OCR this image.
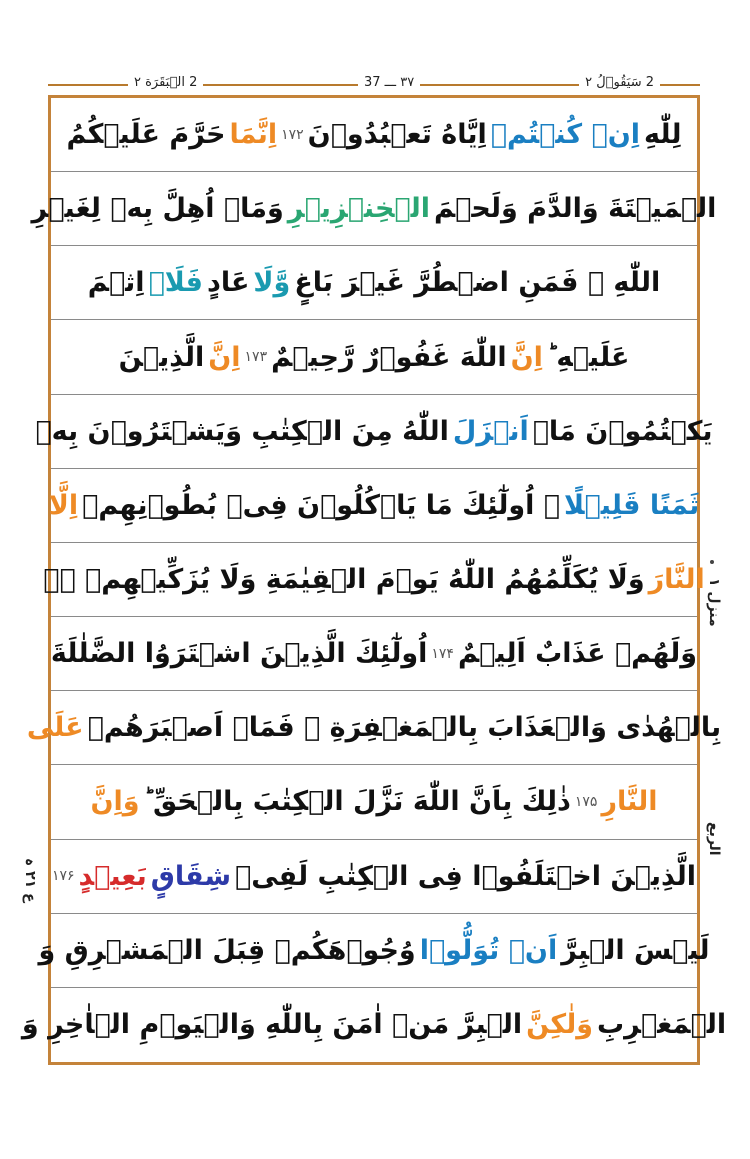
2 الۡبَقَرَة ۲	۳۷ ـــ 37	2 سَيَقُوۡلُ ۲
منزل ١
الربع
ع ۲۱ ہ
لِلّٰهِ
اِنۡ كُنۡتُمۡ
اِيَّاهُ تَعۡبُدُوۡنَ
۱۷۲
اِنَّمَا
حَرَّمَ عَلَيۡكُمُ
الۡمَيۡتَةَ وَالدَّمَ وَلَحۡمَ
الۡخِنۡزِيۡرِ
وَمَاۤ اُهِلَّ بِهٖ لِغَيۡرِ
اللّٰهِ ۚ فَمَنِ اضۡطُرَّ غَيۡرَ بَاغٍ
وَّلَا
عَادٍ
فَلَاۤ
اِثۡمَ
عَلَيۡهِ ؕ
اِنَّ
اللّٰهَ غَفُوۡرٌ رَّحِيۡمٌ
۱۷۳
اِنَّ
الَّذِيۡنَ
يَكۡتُمُوۡنَ مَاۤ
اَنۡزَلَ
اللّٰهُ مِنَ الۡكِتٰبِ وَيَشۡتَرُوۡنَ بِهٖ
ثَمَنًا قَلِيۡلًا
ۙ اُولٰٓئِكَ مَا يَاۡكُلُوۡنَ فِىۡ بُطُوۡنِهِمۡ
اِلَّا
النَّارَ
وَلَا يُكَلِّمُهُمُ اللّٰهُ يَوۡمَ الۡقِيٰمَةِ وَلَا يُزَكِّيۡهِمۡ ۖۚ
وَلَهُمۡ عَذَابٌ اَلِيۡمٌ
۱۷۴
اُولٰٓئِكَ الَّذِيۡنَ اشۡتَرَوُا الضَّلٰلَةَ
بِالۡهُدٰى وَالۡعَذَابَ بِالۡمَغۡفِرَةِ ۚ فَمَاۤ اَصۡبَرَهُمۡ
عَلَى
النَّارِ
۱۷۵
ذٰلِكَ بِاَنَّ اللّٰهَ نَزَّلَ الۡكِتٰبَ بِالۡحَقِّ ؕ
وَاِنَّ
الَّذِيۡنَ اخۡتَلَفُوۡا فِى الۡكِتٰبِ لَفِىۡ
شِقَاقٍ
بَعِيۡدٍ
۱۷۶
لَيۡسَ الۡبِرَّ
اَنۡ تُوَلُّوۡا
وُجُوۡهَكُمۡ قِبَلَ الۡمَشۡرِقِ وَ
الۡمَغۡرِبِ
وَلٰكِنَّ
الۡبِرَّ مَنۡ اٰمَنَ بِاللّٰهِ وَالۡيَوۡمِ الۡاٰخِرِ وَ
